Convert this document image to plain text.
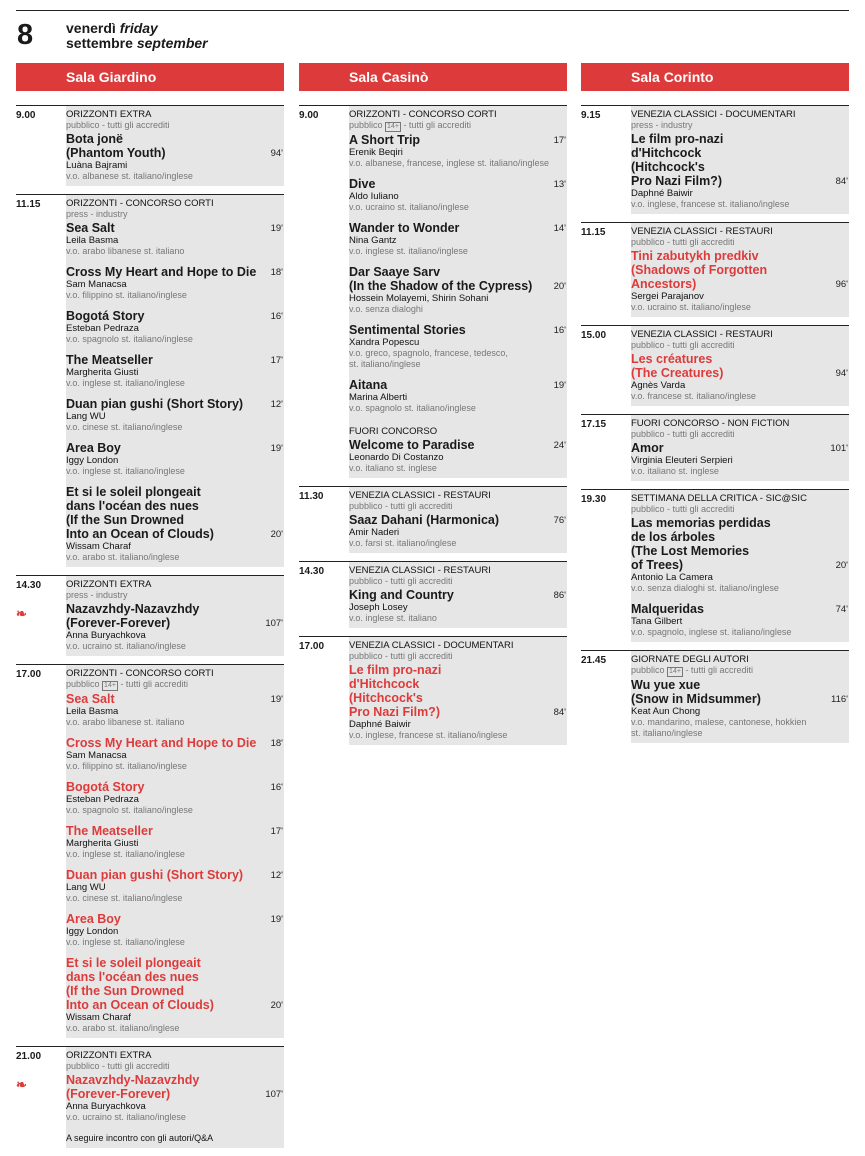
8 venerdì friday
settembre september
Sala Giardino
9.00	ORIZZONTI EXTRA
pubblico - tutti gli accrediti
Bota jonë
(Phantom Youth)	94'
Luàna Bajrami
v.o. albanese st. italiano/inglese
11.15	ORIZZONTI - CONCORSO CORTI
press - industry
Sea Salt	19'
Leila Basma
v.o. arabo libanese st. italiano
Cross My Heart and Hope to Die	18'
Sam Manacsa
v.o. filippino st. italiano/inglese
Bogotá Story	16'
Esteban Pedraza
v.o. spagnolo st. italiano/inglese
The Meatseller	17'
Margherita Giusti
v.o. inglese st. italiano/inglese
Duan pian gushi (Short Story)	12'
Lang WU
v.o. cinese st. italiano/inglese
Area Boy	19'
Iggy London
v.o. inglese st. italiano/inglese
Et si le soleil plongeait
dans l'océan des nues
(If the Sun Drowned
Into an Ocean of Clouds)	20'
Wissam Charaf
v.o. arabo st. italiano/inglese
14.30
❧
ORIZZONTI EXTRA
press - industry
Nazavzhdy-Nazavzhdy
(Forever-Forever)	107'
Anna Buryachkova
v.o. ucraino st. italiano/inglese
17.00	ORIZZONTI - CONCORSO CORTI
pubblico 14+ - tutti gli accrediti
Sea Salt	19'
Leila Basma
v.o. arabo libanese st. italiano
Cross My Heart and Hope to Die	18'
Sam Manacsa
v.o. filippino st. italiano/inglese
Bogotá Story	16'
Esteban Pedraza
v.o. spagnolo st. italiano/inglese
The Meatseller	17'
Margherita Giusti
v.o. inglese st. italiano/inglese
Duan pian gushi (Short Story)	12'
Lang WU
v.o. cinese st. italiano/inglese
Area Boy	19'
Iggy London
v.o. inglese st. italiano/inglese
Et si le soleil plongeait
dans l'océan des nues
(If the Sun Drowned
Into an Ocean of Clouds)	20'
Wissam Charaf
v.o. arabo st. italiano/inglese
21.00
❧
ORIZZONTI EXTRA
pubblico - tutti gli accrediti
Nazavzhdy-Nazavzhdy
(Forever-Forever)	107'
Anna Buryachkova
v.o. ucraino st. italiano/inglese
A seguire incontro con gli autori/Q&A
Sala Casinò
9.00	ORIZZONTI - CONCORSO CORTI
pubblico 14+ - tutti gli accrediti
A Short Trip	17'
Erenik Beqiri
v.o. albanese, francese, inglese st. italiano/inglese
Dive	13'
Aldo Iuliano
v.o. ucraino st. italiano/inglese
Wander to Wonder	14'
Nina Gantz
v.o. inglese st. italiano/inglese
Dar Saaye Sarv
(In the Shadow of the Cypress)	20'
Hossein Molayemi, Shirin Sohani
v.o. senza dialoghi
Sentimental Stories	16'
Xandra Popescu
v.o. greco, spagnolo, francese, tedesco,
st. italiano/inglese
Aitana	19'
Marina Alberti
v.o. spagnolo st. italiano/inglese
FUORI CONCORSO
Welcome to Paradise	24'
Leonardo Di Costanzo
v.o. italiano st. inglese
11.30	VENEZIA CLASSICI - RESTAURI
pubblico - tutti gli accrediti
Saaz Dahani (Harmonica)	76'
Amir Naderi
v.o. farsi st. italiano/inglese
14.30	VENEZIA CLASSICI - RESTAURI
pubblico - tutti gli accrediti
King and Country	86'
Joseph Losey
v.o. inglese st. italiano
17.00	VENEZIA CLASSICI - DOCUMENTARI
pubblico - tutti gli accrediti
Le film pro-nazi
d'Hitchcock
(Hitchcock's
Pro Nazi Film?)	84'
Daphné Baiwir
v.o. inglese, francese st. italiano/inglese
Sala Corinto
9.15	VENEZIA CLASSICI - DOCUMENTARI
press - industry
Le film pro-nazi
d'Hitchcock
(Hitchcock's
Pro Nazi Film?)	84'
Daphné Baiwir
v.o. inglese, francese st. italiano/inglese
11.15	VENEZIA CLASSICI - RESTAURI
pubblico - tutti gli accrediti
Tini zabutykh predkiv
(Shadows of Forgotten
Ancestors)	96'
Sergei Parajanov
v.o. ucraino st. italiano/inglese
15.00	VENEZIA CLASSICI - RESTAURI
pubblico - tutti gli accrediti
Les créatures
(The Creatures)	94'
Agnès Varda
v.o. francese st. italiano/inglese
17.15	FUORI CONCORSO - NON FICTION
pubblico - tutti gli accrediti
Amor	101'
Virginia Eleuteri Serpieri
v.o. italiano st. inglese
19.30	SETTIMANA DELLA CRITICA - SIC@SIC
pubblico - tutti gli accrediti
Las memorias perdidas
de los árboles
(The Lost Memories
of Trees)	20'
Antonio La Camera
v.o. senza dialoghi st. italiano/inglese
Malqueridas	74'
Tana Gilbert
v.o. spagnolo, inglese st. italiano/inglese
21.45	GIORNATE DEGLI AUTORI
pubblico 14+ - tutti gli accrediti
Wu yue xue
(Snow in Midsummer)	116'
Keat Aun Chong
v.o. mandarino, malese, cantonese, hokkien
st. italiano/inglese
